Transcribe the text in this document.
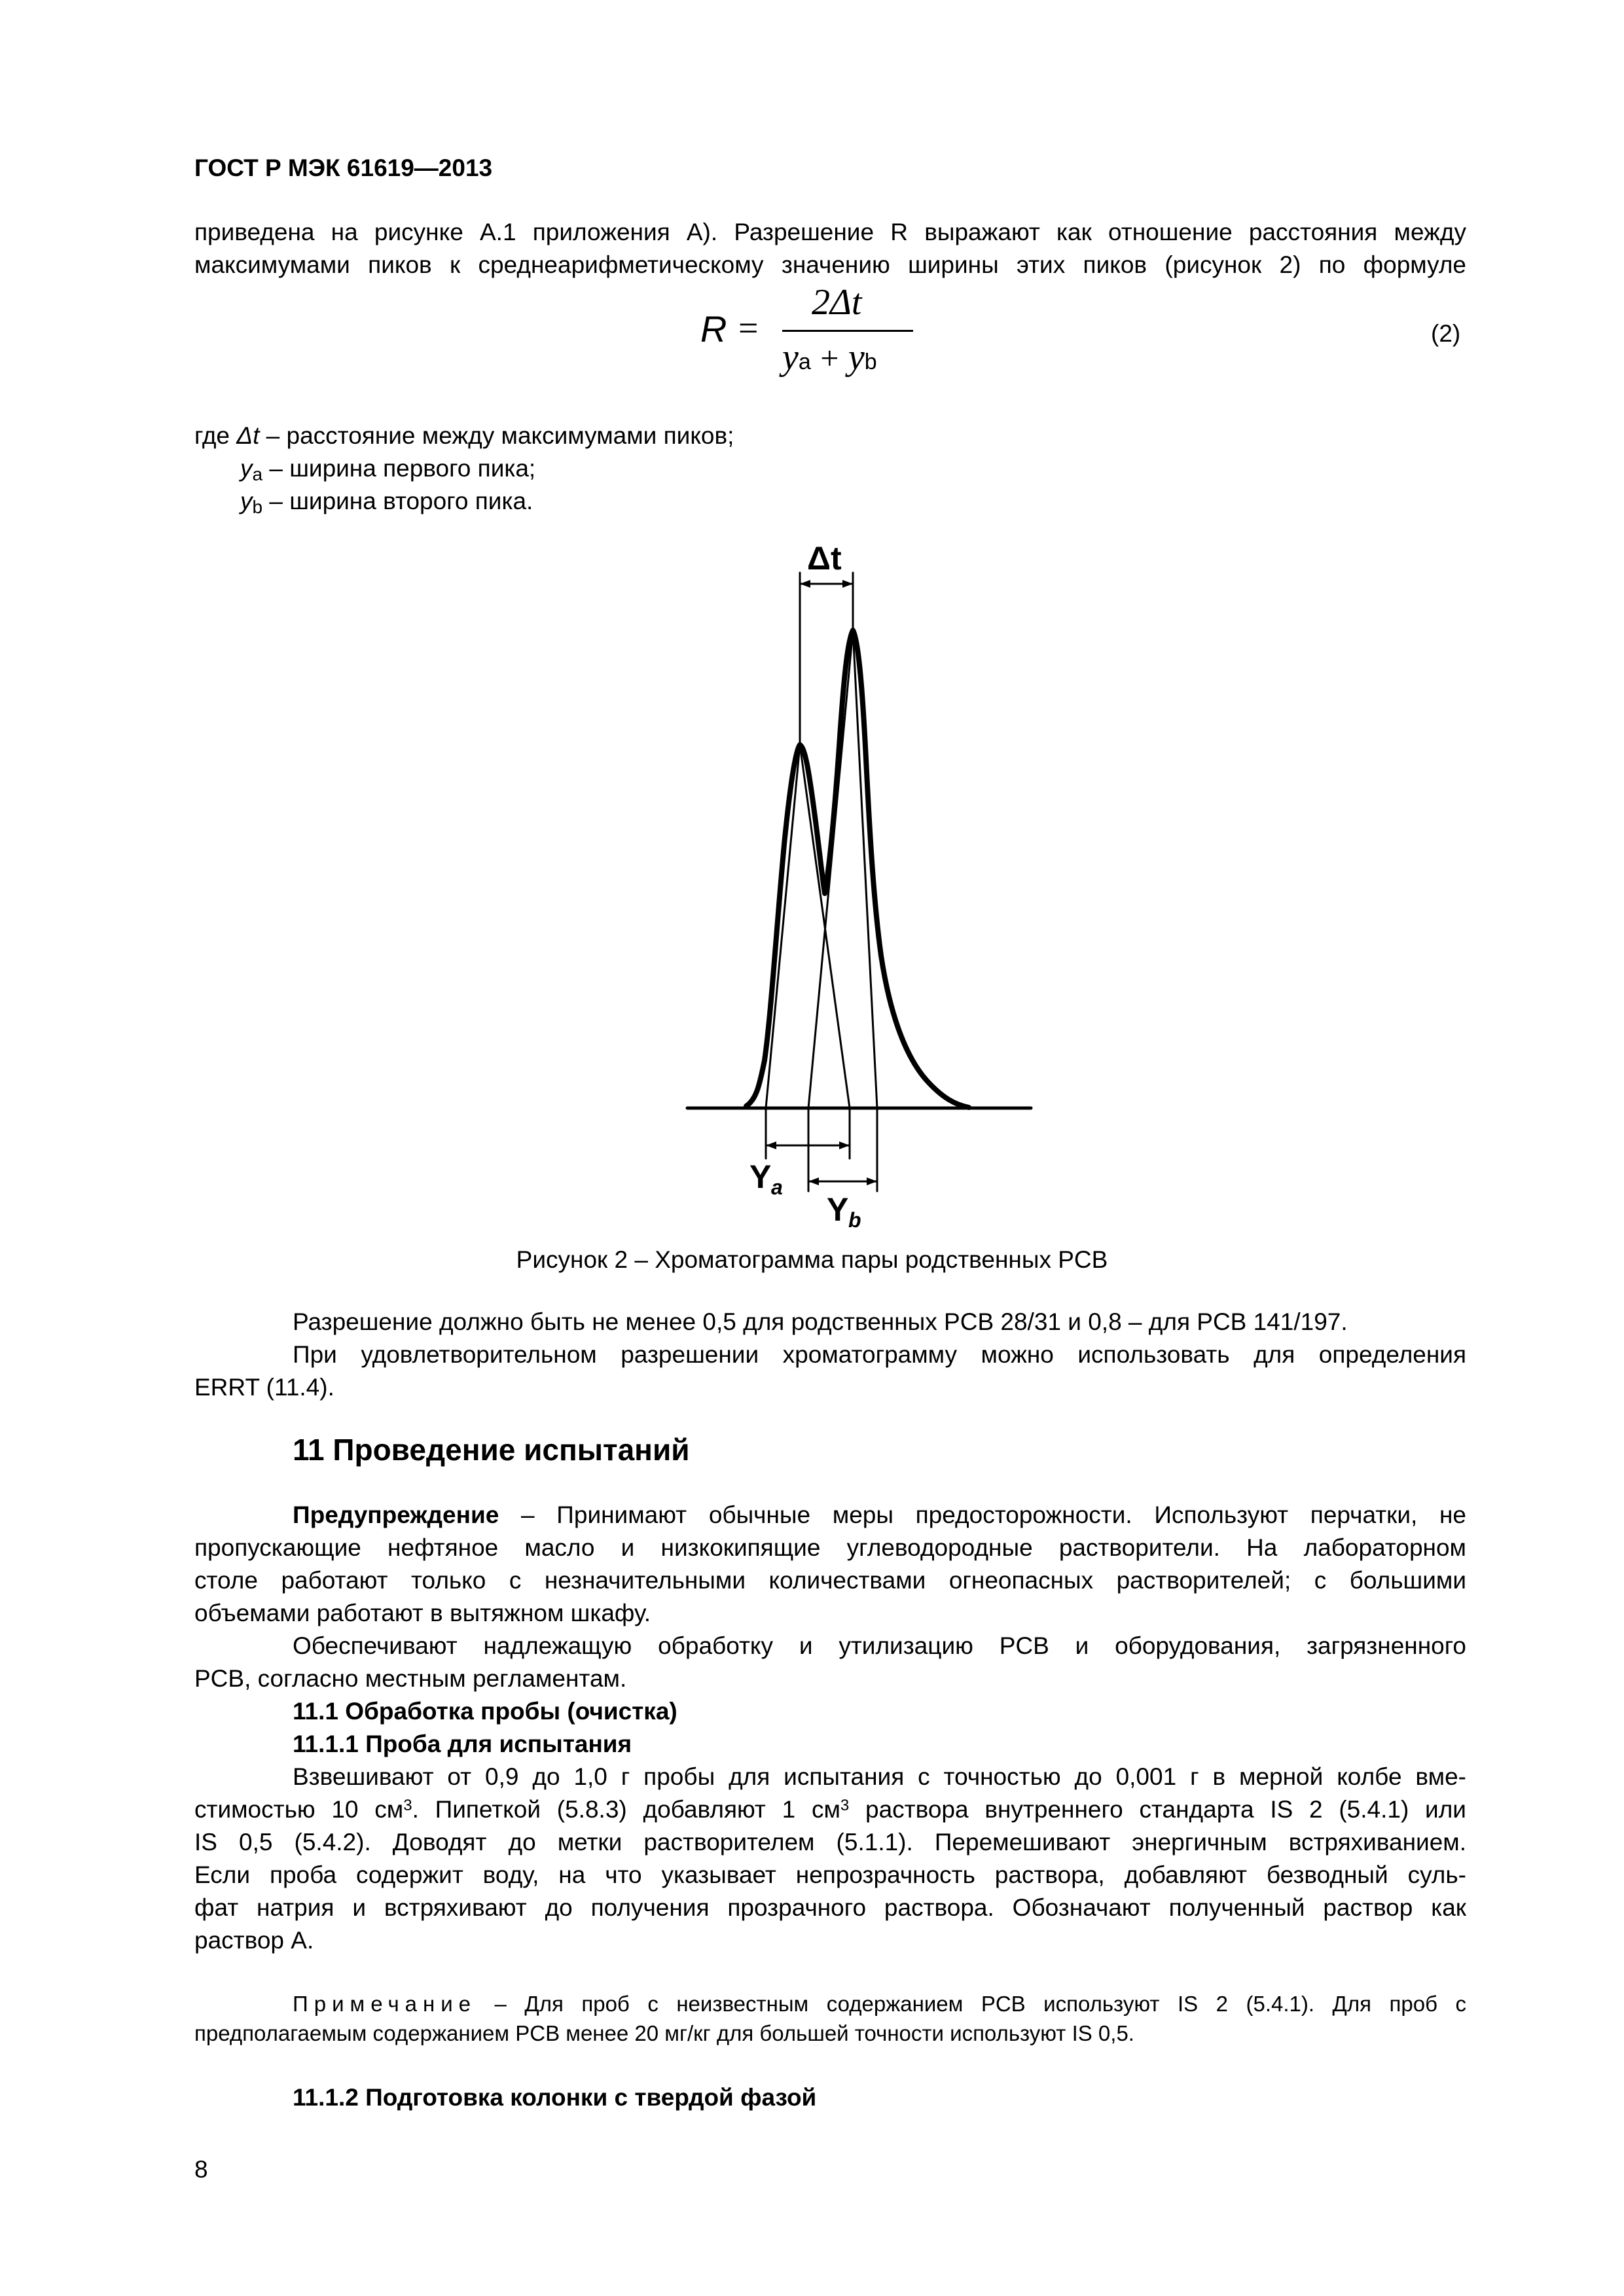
ГОСТ Р МЭК 61619—2013
приведена на рисунке А.1 приложения А). Разрешение R выражают как отношение расстояния между
максимумами пиков к среднеарифметическому значению ширины этих пиков (рисунок 2) по формуле
R =
2Δt
ya + yb
(2)
где Δt – расстояние между максимумами пиков;
$y_a$ – ширина первого пика;
$y_b$ – ширина второго пика.
Δt
Y a
Y b
Рисунок 2 – Хроматограмма пары родственных PCB
Разрешение должно быть не менее 0,5 для родственных PCB 28/31 и 0,8 – для PCB 141/197.
При удовлетворительном разрешении хроматограмму можно использовать для определения
ERRT (11.4).
11 Проведение испытаний
Предупреждение – Принимают обычные меры предосторожности. Используют перчатки, не
пропускающие нефтяное масло и низкокипящие углеводородные растворители. На лабораторном
столе работают только с незначительными количествами огнеопасных растворителей; с большими
объемами работают в вытяжном шкафу.
Обеспечивают надлежащую обработку и утилизацию PCB и оборудования, загрязненного
PCB, согласно местным регламентам.
11.1 Обработка пробы (очистка)
11.1.1 Проба для испытания
Взвешивают от 0,9 до 1,0 г пробы для испытания с точностью до 0,001 г в мерной колбе вме-
стимостью 10 $см^3$. Пипеткой (5.8.3) добавляют 1 $см^3$ раствора внутреннего стандарта IS 2 (5.4.1) или
IS 0,5 (5.4.2). Доводят до метки растворителем (5.1.1). Перемешивают энергичным встряхиванием.
Если проба содержит воду, на что указывает непрозрачность раствора, добавляют безводный суль-
фат натрия и встряхивают до получения прозрачного раствора. Обозначают полученный раствор как
раствор А.
Примечание – Для проб с неизвестным содержанием PCB используют IS 2 (5.4.1). Для проб с
предполагаемым содержанием PCB менее 20 мг/кг для большей точности используют IS 0,5.
11.1.2 Подготовка колонки с твердой фазой
8
